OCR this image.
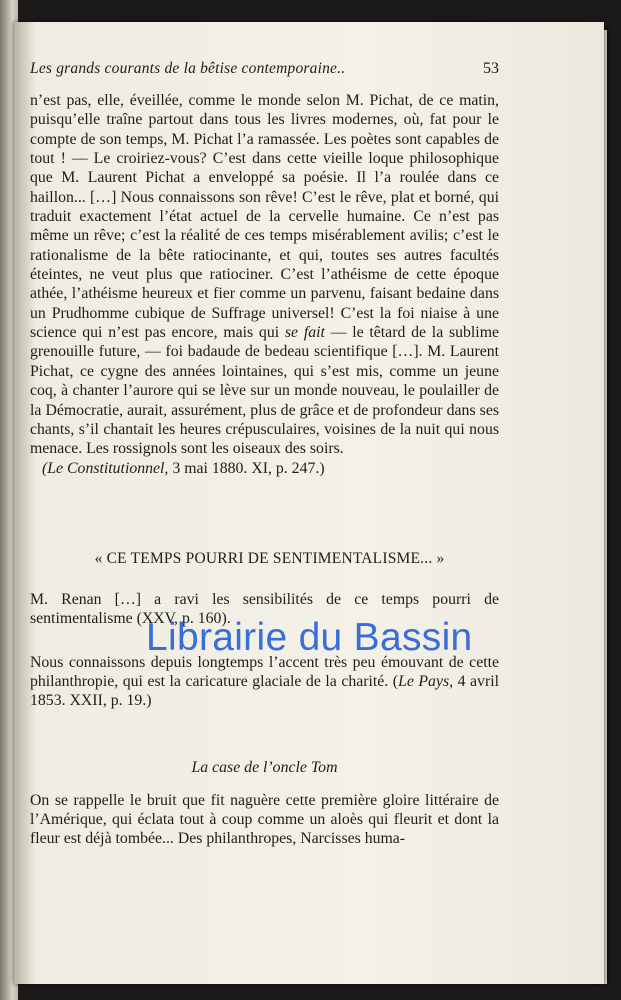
Les grands courants de la bêtise contemporaine..	53

n’est pas, elle, éveillée, comme le monde selon M. Pichat, de ce matin, puisqu’elle traîne partout dans tous les livres modernes, où, fat pour le compte de son temps, M. Pichat l’a ramassée. Les poètes sont capables de tout ! — Le croiriez-vous? C’est dans cette vieille loque philosophique que M. Laurent Pichat a enveloppé sa poésie. Il l’a roulée dans ce haillon... […] Nous connaissons son rêve! C’est le rêve, plat et borné, qui traduit exactement l’état actuel de la cervelle humaine. Ce n’est pas même un rêve; c’est la réalité de ces temps misérablement avilis; c’est le rationalisme de la bête ratiocinante, et qui, toutes ses autres facultés éteintes, ne veut plus que ratiociner. C’est l’athéisme de cette époque athée, l’athéisme heureux et fier comme un parvenu, faisant bedaine dans un Prudhomme cubique de Suffrage universel! C’est la foi niaise à une science qui n’est pas encore, mais qui se fait — le têtard de la sublime grenouille future, — foi badaude de bedeau scientifique […]. M. Laurent Pichat, ce cygne des années lointaines, qui s’est mis, comme un jeune coq, à chanter l’aurore qui se lève sur un monde nouveau, le poulailler de la Démocratie, aurait, assurément, plus de grâce et de profondeur dans ses chants, s’il chantait les heures crépusculaires, voisines de la nuit qui nous menace. Les rossignols sont les oiseaux des soirs.

(Le Constitutionnel, 3 mai 1880. XI, p. 247.)

« CE TEMPS POURRI DE SENTIMENTALISME... »

M. Renan […] a ravi les sensibilités de ce temps pourri de sentimentalisme (XXV, p. 160).

Nous connaissons depuis longtemps l’accent très peu émouvant de cette philanthropie, qui est la caricature glaciale de la charité. (Le Pays, 4 avril 1853. XXII, p. 19.)

La case de l’oncle Tom

On se rappelle le bruit que fit naguère cette première gloire littéraire de l’Amérique, qui éclata tout à coup comme un aloès qui fleurit et dont la fleur est déjà tombée... Des philanthropes, Narcisses huma-

Librairie du Bassin
